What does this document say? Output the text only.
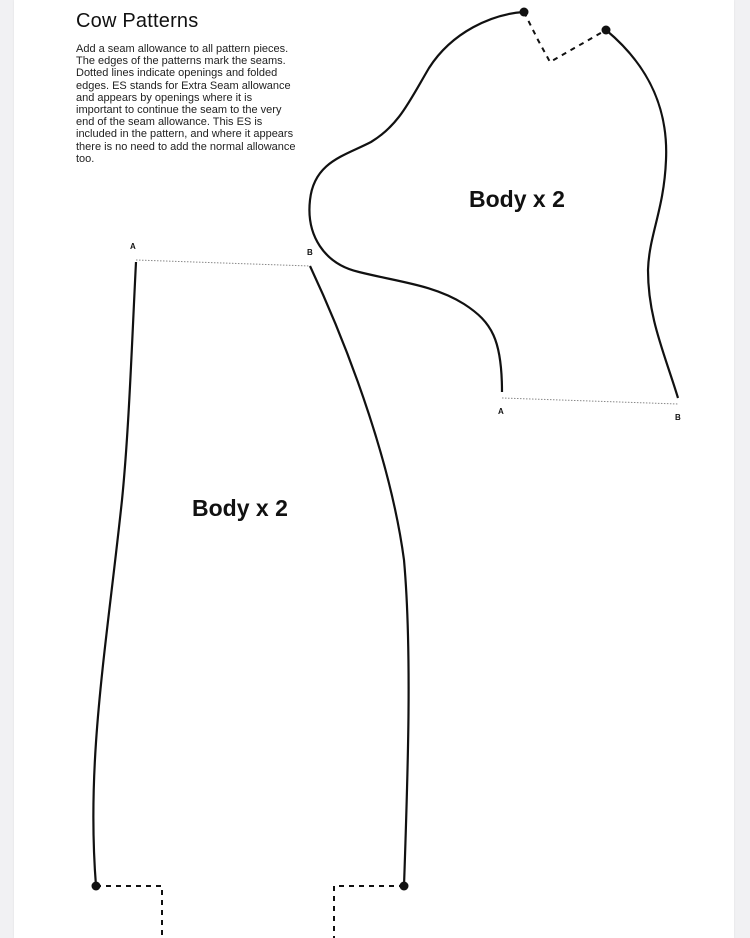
Cow Patterns

Add a seam allowance to all pattern pieces. The edges of the patterns mark the seams. Dotted lines indicate openings and folded edges. ES stands for Extra Seam allowance and appears by openings where it is important to continue the seam to the very end of the seam allowance. This ES is included in the pattern, and where it appears there is no need to add the normal allowance too.

Body x 2
A
B
Body x 2
A
B
